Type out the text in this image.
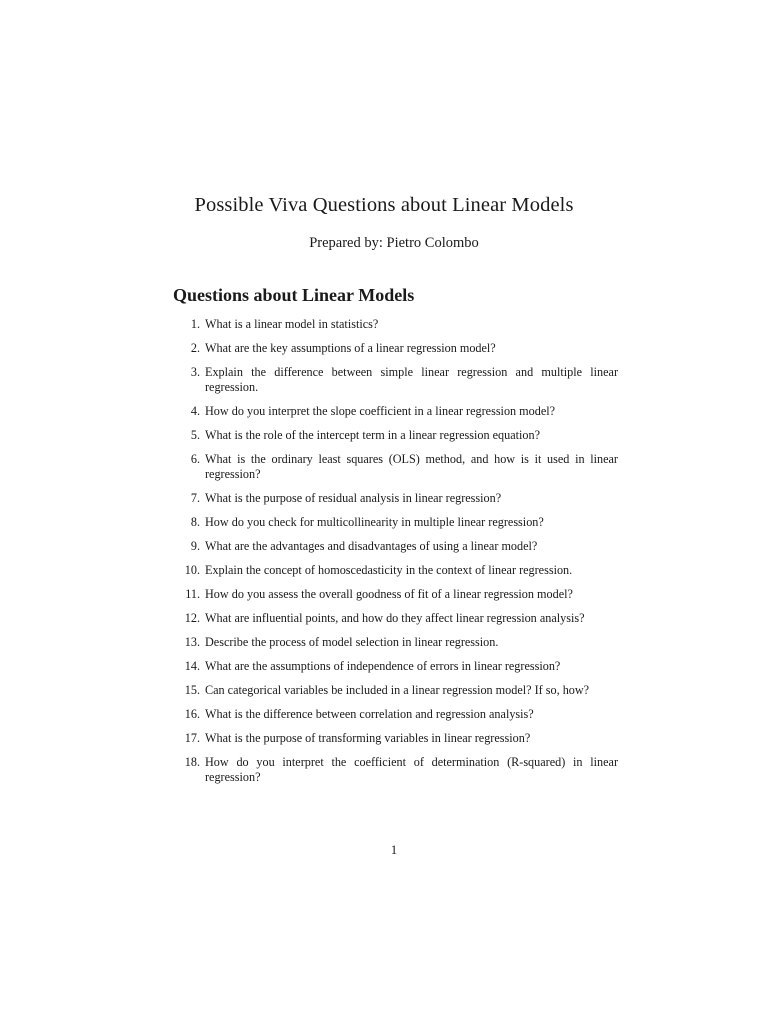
Possible Viva Questions about Linear Models
Prepared by: Pietro Colombo
Questions about Linear Models
1. What is a linear model in statistics?
2. What are the key assumptions of a linear regression model?
3. Explain the difference between simple linear regression and multiple linear regression.
4. How do you interpret the slope coefficient in a linear regression model?
5. What is the role of the intercept term in a linear regression equation?
6. What is the ordinary least squares (OLS) method, and how is it used in linear regression?
7. What is the purpose of residual analysis in linear regression?
8. How do you check for multicollinearity in multiple linear regression?
9. What are the advantages and disadvantages of using a linear model?
10. Explain the concept of homoscedasticity in the context of linear regression.
11. How do you assess the overall goodness of fit of a linear regression model?
12. What are influential points, and how do they affect linear regression analysis?
13. Describe the process of model selection in linear regression.
14. What are the assumptions of independence of errors in linear regression?
15. Can categorical variables be included in a linear regression model? If so, how?
16. What is the difference between correlation and regression analysis?
17. What is the purpose of transforming variables in linear regression?
18. How do you interpret the coefficient of determination (R-squared) in linear regression?
1
